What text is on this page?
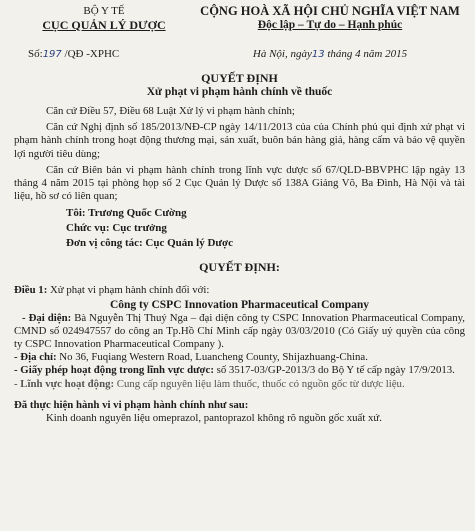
BỘ Y TẾ
CỤC QUẢN LÝ DƯỢC
Số:197 /QĐ -XPHC
CỘNG HOÀ XÃ HỘI CHỦ NGHĨA VIỆT NAM
Độc lập – Tự do – Hạnh phúc
Hà Nội, ngày13 tháng 4 năm 2015
QUYẾT ĐỊNH
Xử phạt vi phạm hành chính về thuốc

Căn cứ Điều 57, Điều 68 Luật Xử lý vi phạm hành chính;

Căn cứ Nghị định số 185/2013/NĐ-CP ngày 14/11/2013 của của Chính phủ qui định xử phạt vi phạm hành chính trong hoạt động thương mại, sản xuất, buôn bán hàng giả, hàng cấm và bảo vệ quyền lợi người tiêu dùng;

Căn cứ Biên bản vi phạm hành chính trong lĩnh vực dược số 67/QLD-BBVPHC lập ngày 13 tháng 4 năm 2015 tại phòng họp số 2 Cục Quản lý Dược số 138A Giảng Võ, Ba Đình, Hà Nội và tài liệu, hồ sơ có liên quan;

Tôi: Trương Quốc Cường
Chức vụ: Cục trưởng
Đơn vị công tác: Cục Quản lý Dược
QUYẾT ĐỊNH:

Điều 1: Xử phạt vi phạm hành chính đối với:

Công ty CSPC Innovation Pharmaceutical Company

- Đại diện: Bà Nguyễn Thị Thuý Nga – đại diện công ty CSPC Innovation Pharmaceutical Company, CMND số 024947557 do công an Tp.Hồ Chí Minh cấp ngày 03/03/2010 (Có Giấy uỷ quyền của công ty CSPC Innovation Pharmaceutical Company ).

- Địa chỉ: No 36, Fuqiang Western Road, Luancheng County, Shijazhuang-China.

- Giấy phép hoạt động trong lĩnh vực dược: số 3517-03/GP-2013/3 do Bộ Y tế cấp ngày 17/9/2013.

- Lĩnh vực hoạt động: Cung cấp nguyên liệu làm thuốc, thuốc có nguồn gốc từ dược liệu.

Đã thực hiện hành vi vi phạm hành chính như sau:

Kinh doanh nguyên liệu omeprazol, pantoprazol không rõ nguồn gốc xuất xứ.
